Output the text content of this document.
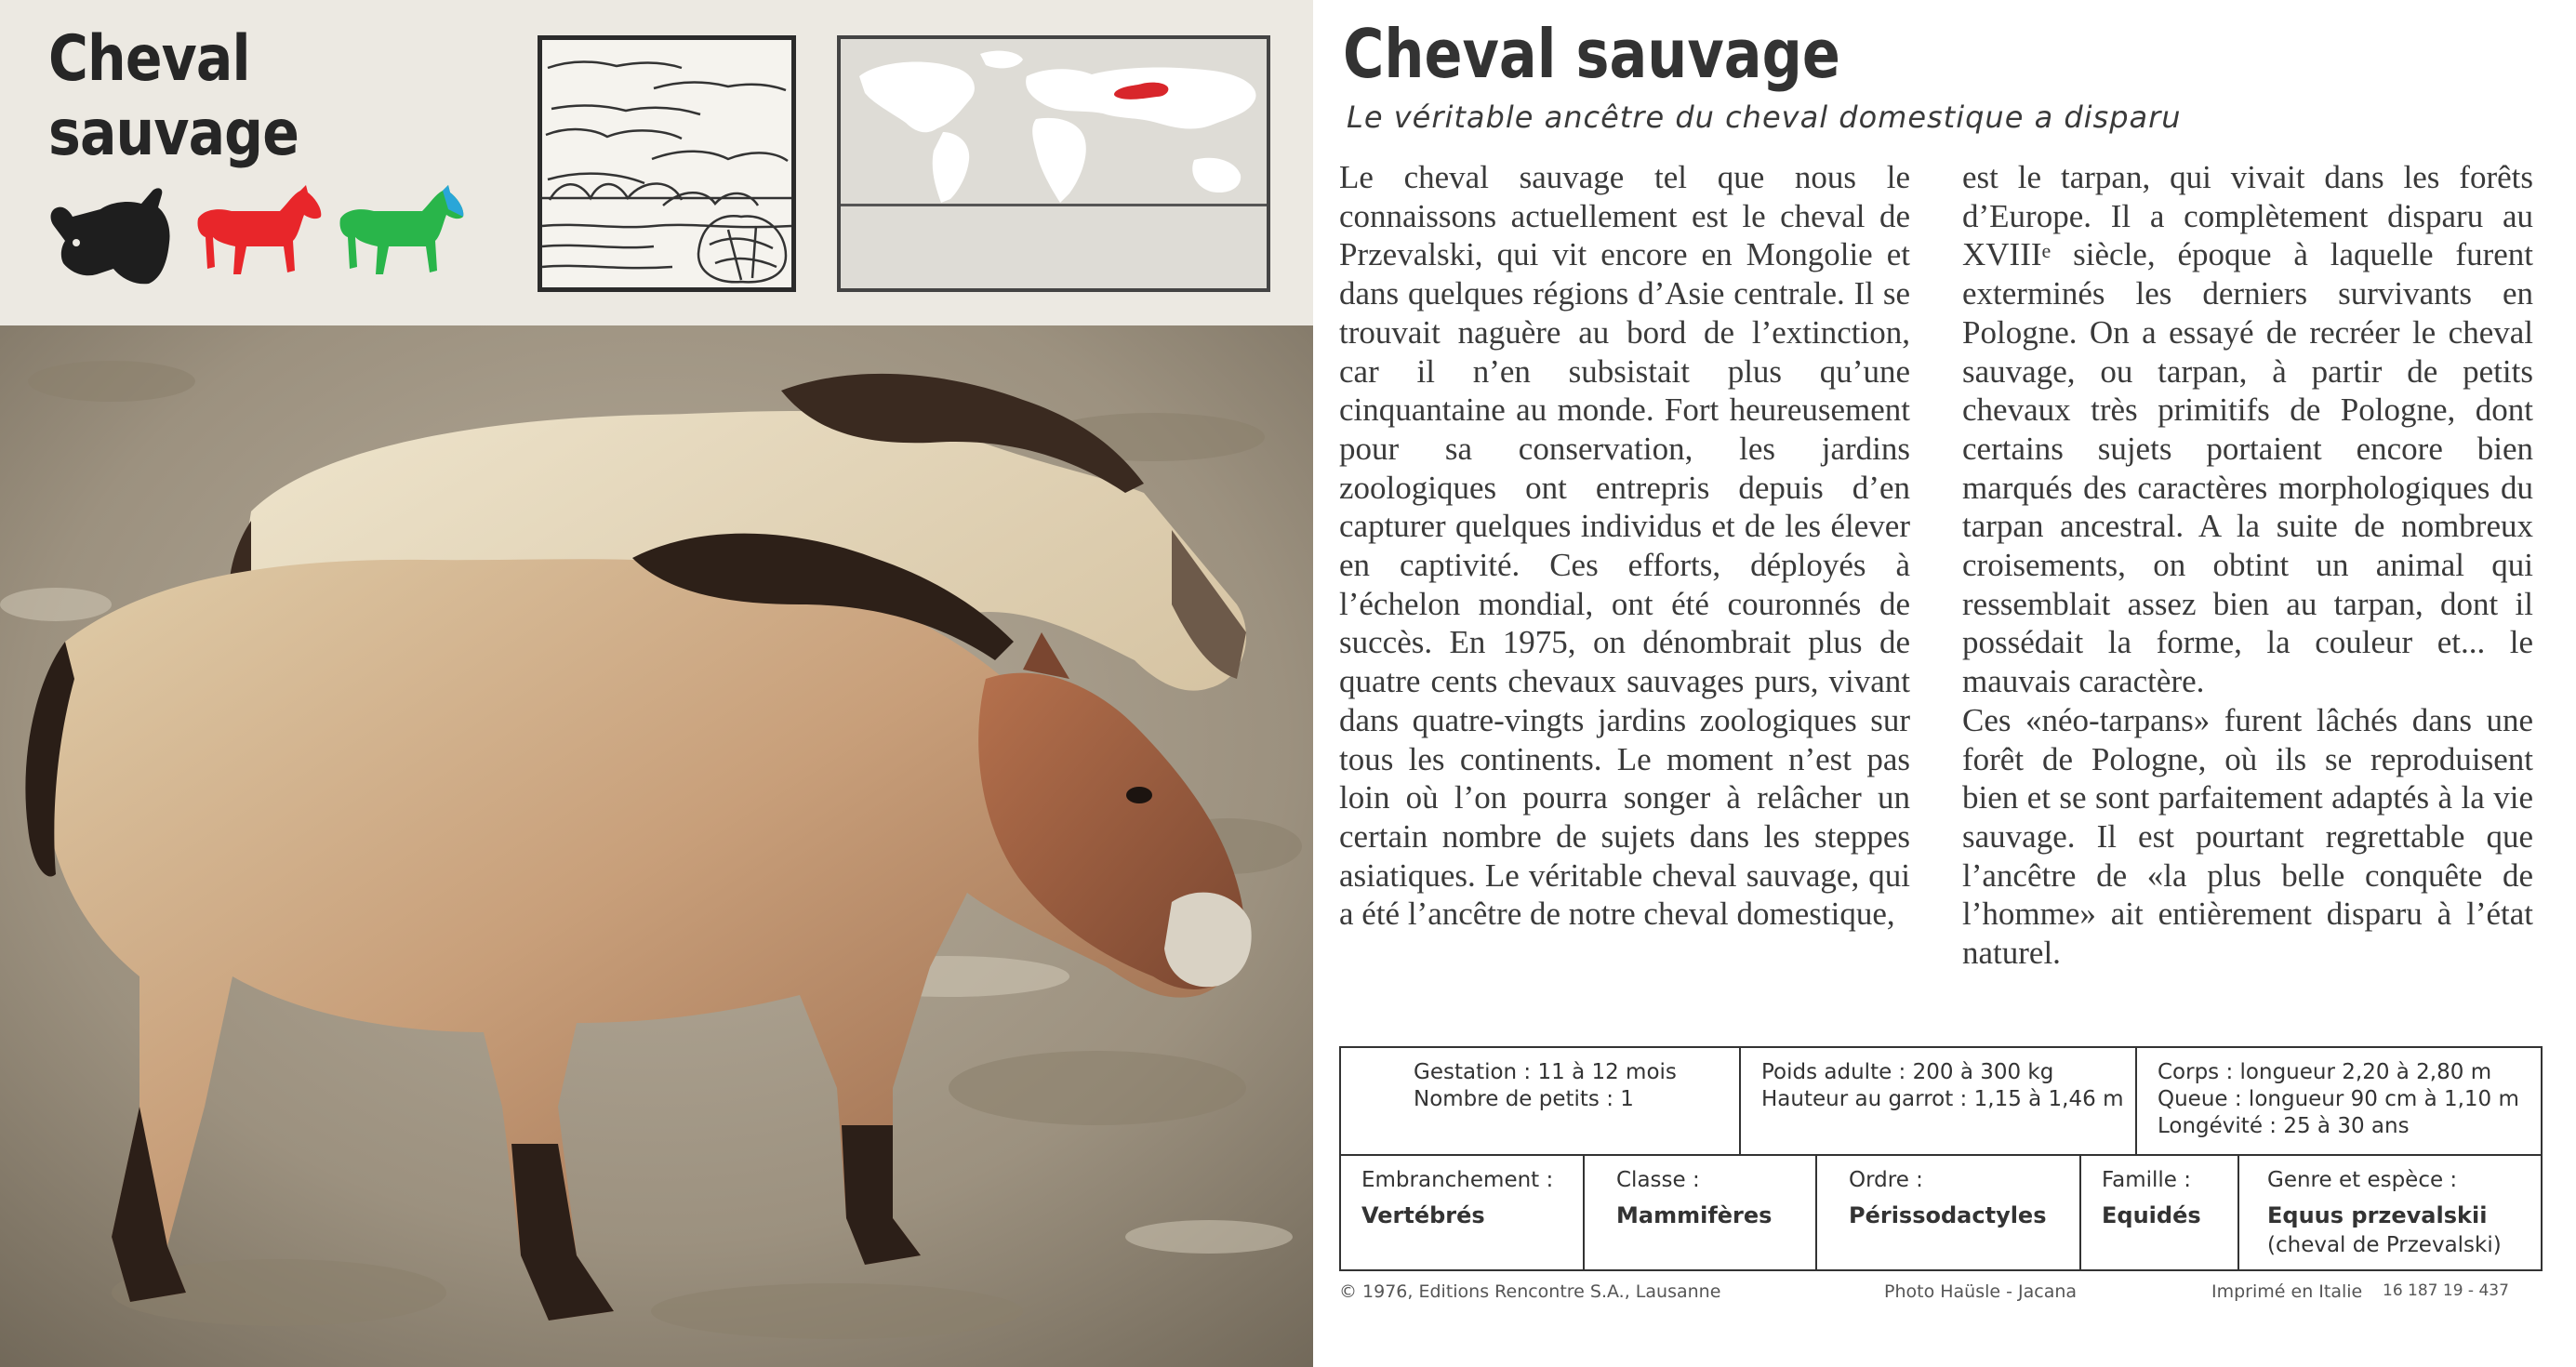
Cheval sauvage
Cheval sauvage
Le véritable ancêtre du cheval domestique a disparu
Le cheval sauvage tel que nous le connaissons actuellement est le cheval de Przevalski, qui vit encore en Mongolie et dans quelques régions d’Asie centrale. Il se trouvait naguère au bord de l’extinction, car il n’en subsistait plus qu’une cinquantaine au monde. Fort heureusement pour sa conservation, les jardins zoologiques ont entrepris depuis d’en capturer quelques individus et de les élever en captivité. Ces efforts, déployés à l’échelon mondial, ont été couronnés de succès. En 1975, on dénombrait plus de quatre cents chevaux sauvages purs, vivant dans quatre-vingts jardins zoologiques sur tous les continents. Le moment n’est pas loin où l’on pourra songer à relâcher un certain nombre de sujets dans les steppes asiatiques. Le véritable cheval sauvage, qui a été l’ancêtre de notre cheval domestique,
est le tarpan, qui vivait dans les forêts d’Europe. Il a complètement disparu au XVIIIe siècle, époque à laquelle furent exterminés les derniers survivants en Pologne. On a essayé de recréer le cheval sauvage, ou tarpan, à partir de petits chevaux très primitifs de Pologne, dont certains sujets portaient encore bien marqués des caractères morphologiques du tarpan ancestral. A la suite de nombreux croisements, on obtint un animal qui ressemblait assez bien au tarpan, dont il possédait la forme, la couleur et... le mauvais caractère.
Ces «néo-tarpans» furent lâchés dans une forêt de Pologne, où ils se reproduisent bien et se sont parfaitement adaptés à la vie sauvage. Il est pourtant regrettable que l’ancêtre de «la plus belle conquête de l’homme» ait entièrement disparu à l’état naturel.
Gestation : 11 à 12 mois
Nombre de petits : 1
Poids adulte : 200 à 300 kg
Hauteur au garrot : 1,15 à 1,46 m
Corps : longueur 2,20 à 2,80 m
Queue : longueur 90 cm à 1,10 m
Longévité : 25 à 30 ans
Embranchement :
Vertébrés
Classe :
Mammifères
Ordre :
Périssodactyles
Famille :
Equidés
Genre et espèce :
Equus przevalskii
(cheval de Przevalski)
© 1976, Editions Rencontre S.A., Lausanne	Photo Haüsle - Jacana	Imprimé en Italie 16 187 19 - 437
